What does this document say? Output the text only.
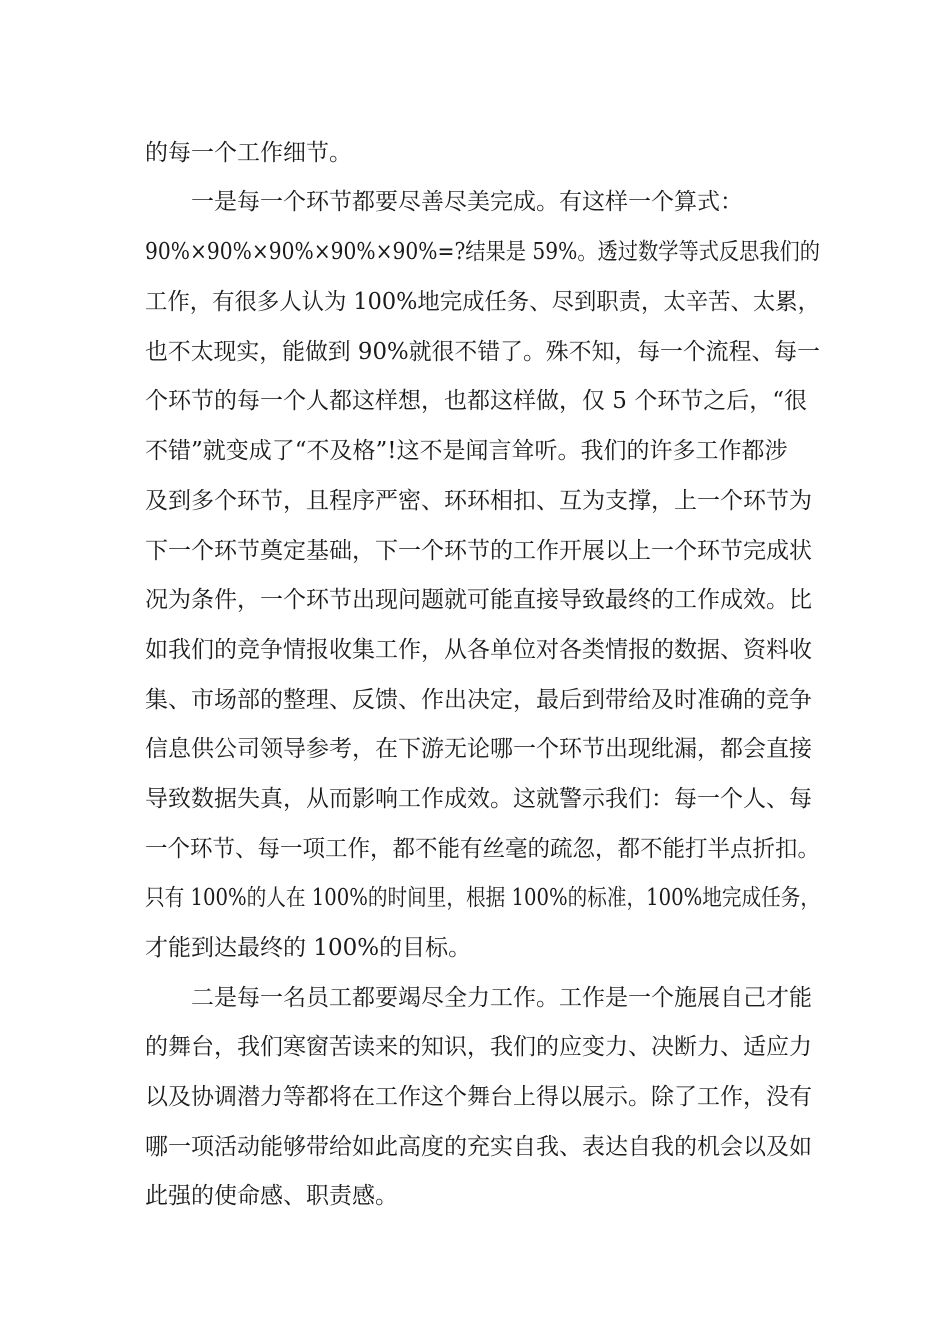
的每一个工作细节。
一是每一个环节都要尽善尽美完成。有这样一个算式：
90%×90%×90%×90%×90%=?结果是 59%。透过数学等式反思我们的
工作，有很多人认为 100%地完成任务、尽到职责，太辛苦、太累，
也不太现实，能做到 90%就很不错了。殊不知，每一个流程、每一
个环节的每一个人都这样想，也都这样做，仅 5 个环节之后，“很
不错”就变成了“不及格”!这不是闻言耸听。我们的许多工作都涉
及到多个环节，且程序严密、环环相扣、互为支撑，上一个环节为
下一个环节奠定基础，下一个环节的工作开展以上一个环节完成状
况为条件，一个环节出现问题就可能直接导致最终的工作成效。比
如我们的竞争情报收集工作，从各单位对各类情报的数据、资料收
集、市场部的整理、反馈、作出决定，最后到带给及时准确的竞争
信息供公司领导参考，在下游无论哪一个环节出现纰漏，都会直接
导致数据失真，从而影响工作成效。这就警示我们：每一个人、每
一个环节、每一项工作，都不能有丝毫的疏忽，都不能打半点折扣。
只有 100%的人在 100%的时间里，根据 100%的标准，100%地完成任务，
才能到达最终的 100%的目标。
二是每一名员工都要竭尽全力工作。工作是一个施展自己才能
的舞台，我们寒窗苦读来的知识，我们的应变力、决断力、适应力
以及协调潜力等都将在工作这个舞台上得以展示。除了工作，没有
哪一项活动能够带给如此高度的充实自我、表达自我的机会以及如
此强的使命感、职责感。
